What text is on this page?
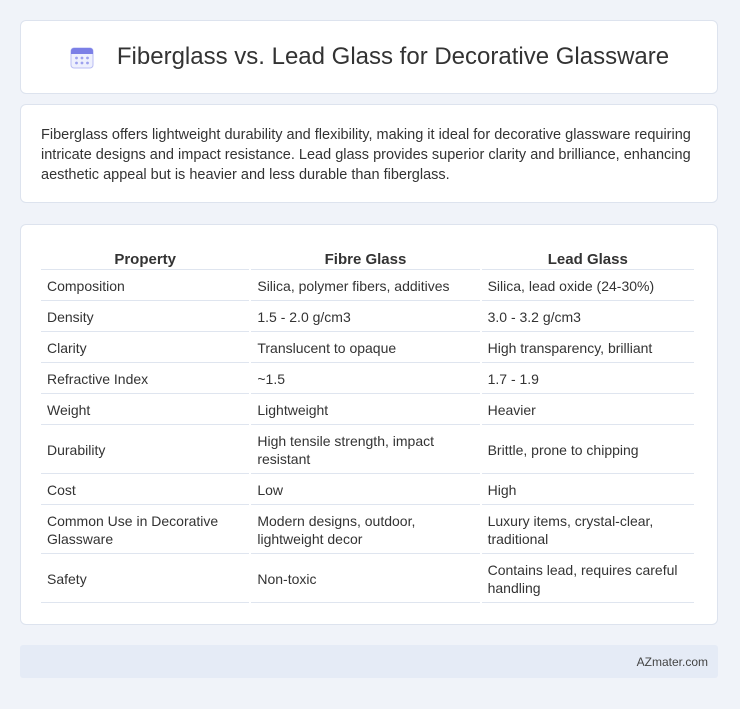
Fiberglass vs. Lead Glass for Decorative Glassware

Fiberglass offers lightweight durability and flexibility, making it ideal for decorative glassware requiring intricate designs and impact resistance. Lead glass provides superior clarity and brilliance, enhancing aesthetic appeal but is heavier and less durable than fiberglass.

Property	Fibre Glass	Lead Glass
Composition	Silica, polymer fibers, additives	Silica, lead oxide (24-30%)
Density	1.5 - 2.0 g/cm3	3.0 - 3.2 g/cm3
Clarity	Translucent to opaque	High transparency, brilliant
Refractive Index	~1.5	1.7 - 1.9
Weight	Lightweight	Heavier
Durability	High tensile strength, impact resistant	Brittle, prone to chipping
Cost	Low	High
Common Use in Decorative Glassware	Modern designs, outdoor, lightweight decor	Luxury items, crystal-clear, traditional
Safety	Non-toxic	Contains lead, requires careful handling
AZmater.com
